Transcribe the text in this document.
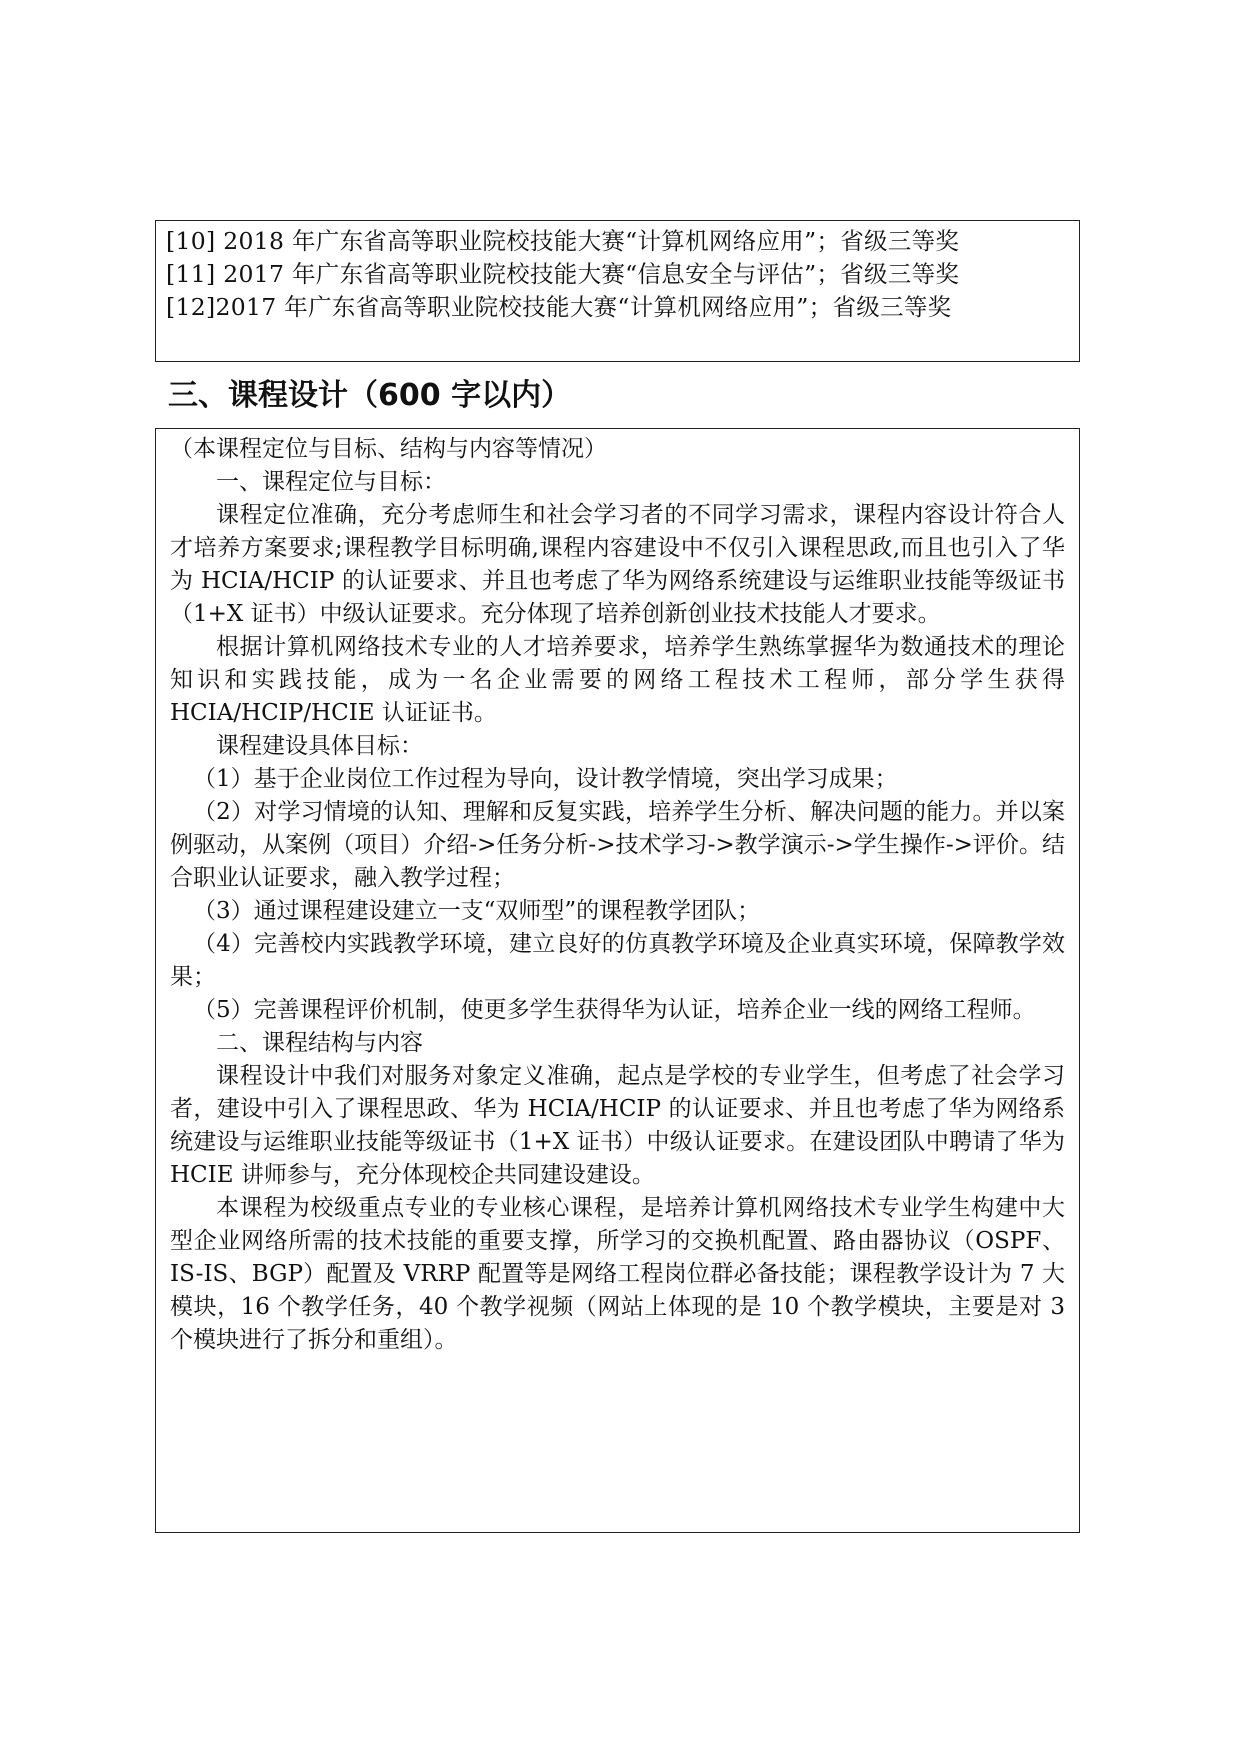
[10] 2018 年广东省高等职业院校技能大赛“计算机网络应用”；省级三等奖
[11] 2017 年广东省高等职业院校技能大赛“信息安全与评估”；省级三等奖
[12]2017 年广东省高等职业院校技能大赛“计算机网络应用”；省级三等奖
三、课程设计（600 字以内）

（本课程定位与目标、结构与内容等情况）

一、课程定位与目标：

课程定位准确，充分考虑师生和社会学习者的不同学习需求，课程内容设计符合人才培养方案要求;课程教学目标明确,课程内容建设中不仅引入课程思政,而且也引入了华为 HCIA/HCIP 的认证要求、并且也考虑了华为网络系统建设与运维职业技能等级证书（1+X 证书）中级认证要求。充分体现了培养创新创业技术技能人才要求。

根据计算机网络技术专业的人才培养要求，培养学生熟练掌握华为数通技术的理论知识和实践技能，成为一名企业需要的网络工程技术工程师，部分学生获得 HCIA/HCIP/HCIE 认证证书。

课程建设具体目标：

（1）基于企业岗位工作过程为导向，设计教学情境，突出学习成果；

（2）对学习情境的认知、理解和反复实践，培养学生分析、解决问题的能力。并以案例驱动，从案例（项目）介绍->任务分析->技术学习->教学演示->学生操作->评价。结合职业认证要求，融入教学过程；

（3）通过课程建设建立一支“双师型”的课程教学团队；

（4）完善校内实践教学环境，建立良好的仿真教学环境及企业真实环境，保障教学效果；

（5）完善课程评价机制，使更多学生获得华为认证，培养企业一线的网络工程师。

二、课程结构与内容

课程设计中我们对服务对象定义准确，起点是学校的专业学生，但考虑了社会学习者，建设中引入了课程思政、华为 HCIA/HCIP 的认证要求、并且也考虑了华为网络系统建设与运维职业技能等级证书（1+X 证书）中级认证要求。在建设团队中聘请了华为 HCIE 讲师参与，充分体现校企共同建设建设。

本课程为校级重点专业的专业核心课程，是培养计算机网络技术专业学生构建中大型企业网络所需的技术技能的重要支撑，所学习的交换机配置、路由器协议（OSPF、IS-IS、BGP）配置及 VRRP 配置等是网络工程岗位群必备技能；课程教学设计为 7 大模块，16 个教学任务，40 个教学视频（网站上体现的是 10 个教学模块，主要是对 3 个模块进行了拆分和重组）。
